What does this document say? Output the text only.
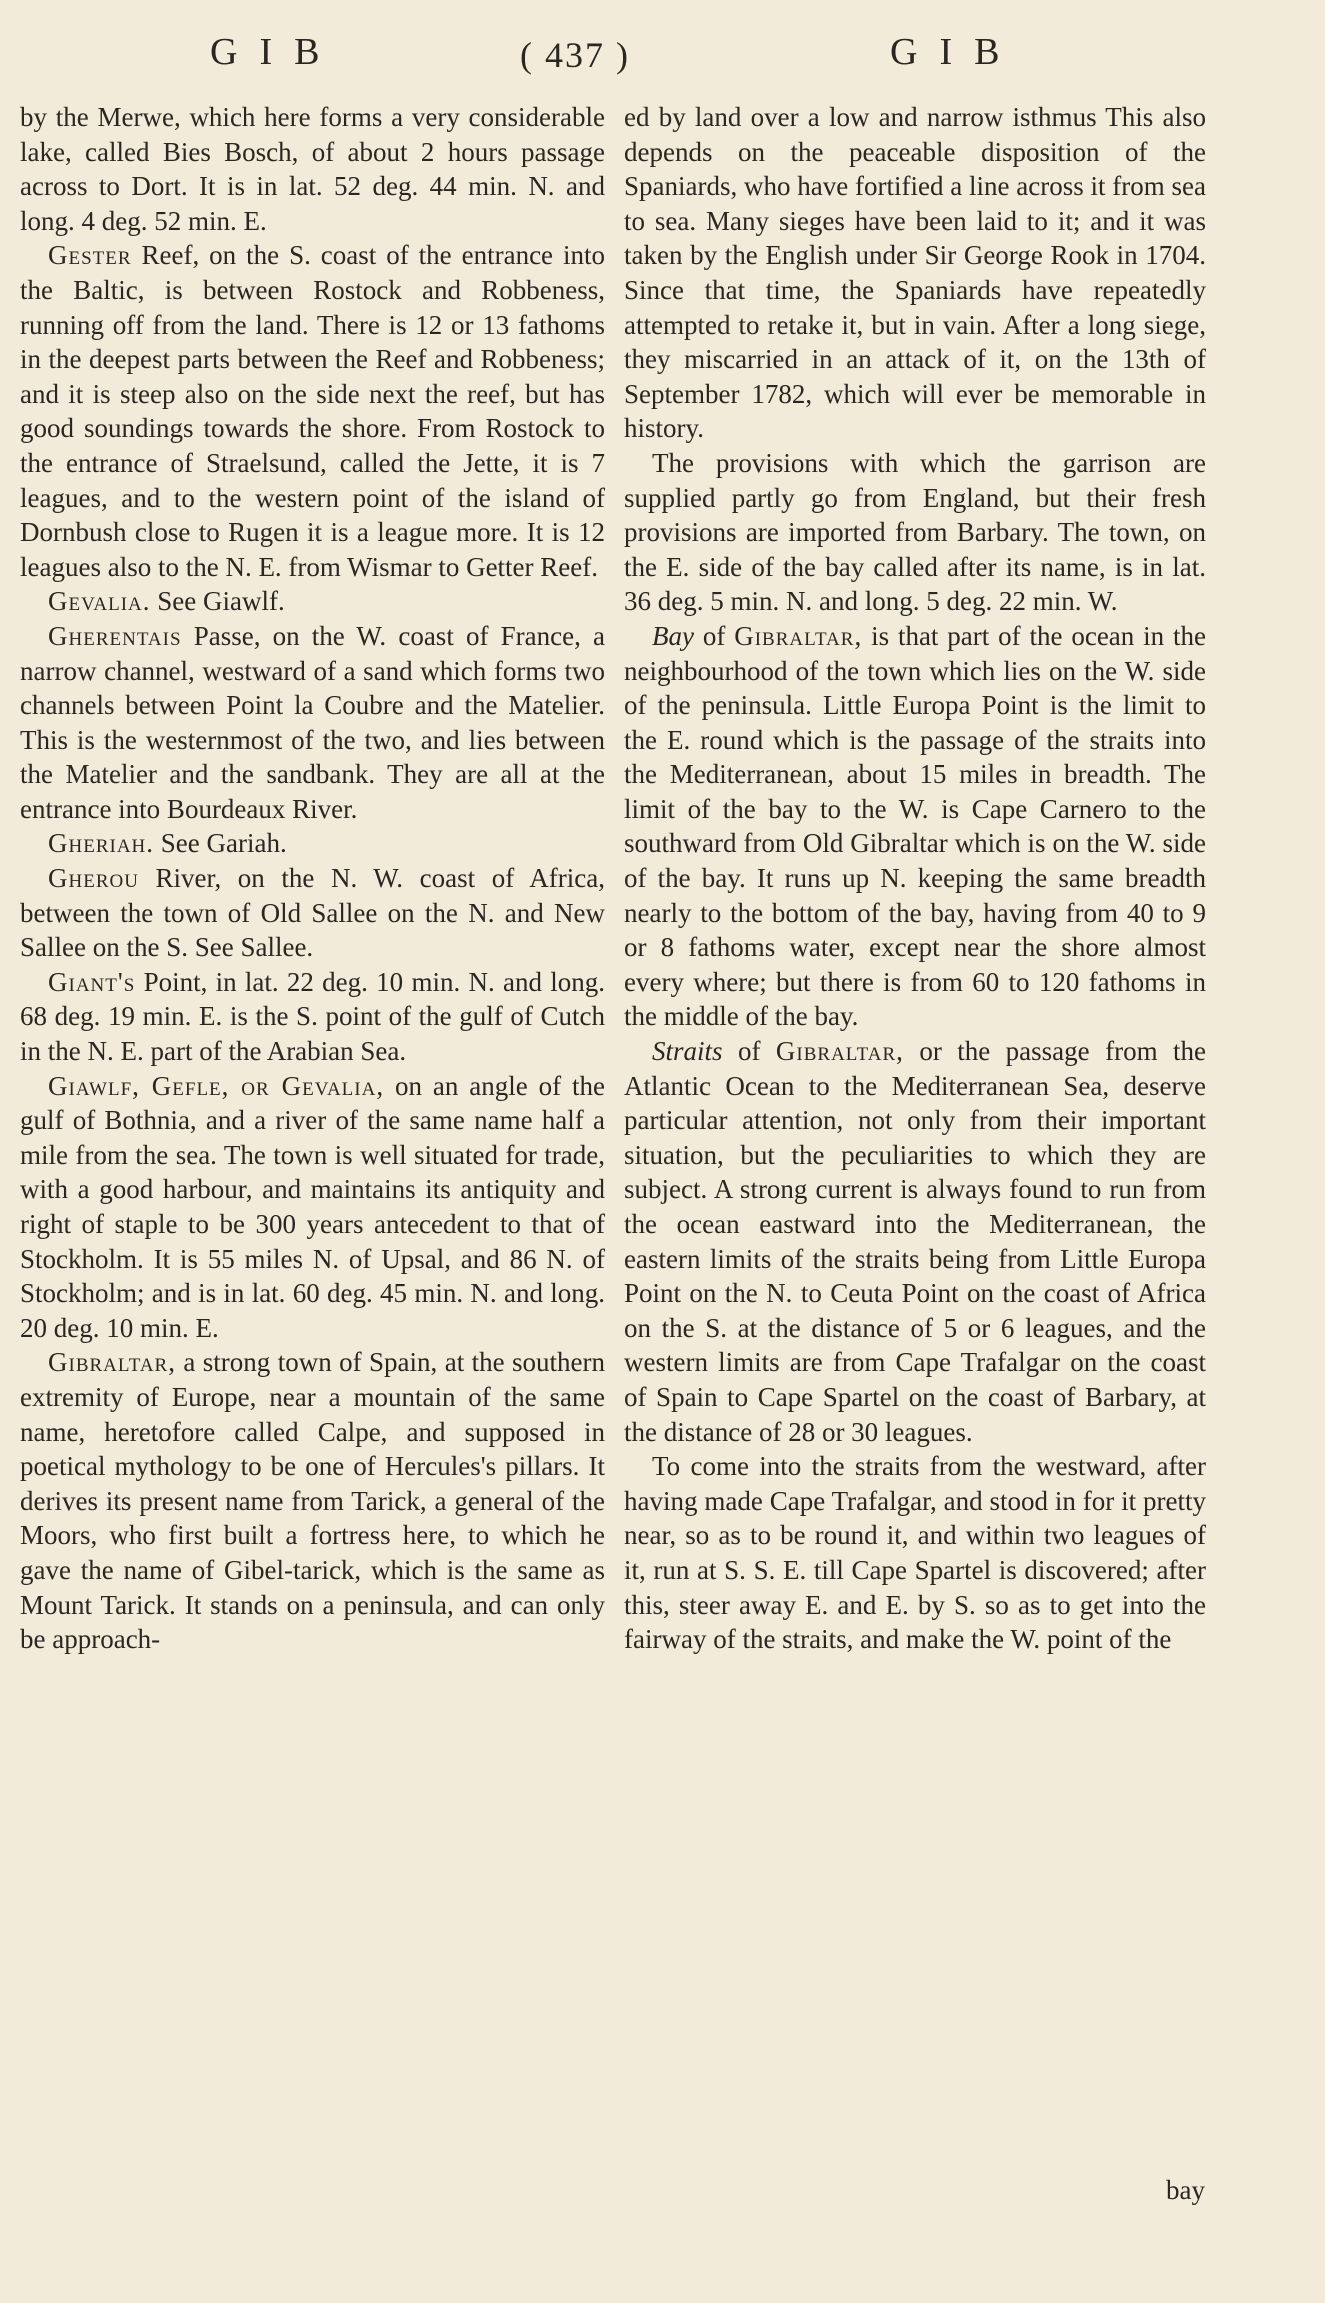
GIB	( 437 )	GIB

by the Merwe, which here forms a very considerable lake, called Bies Bosch, of about 2 hours passage across to Dort. It is in lat. 52 deg. 44 min. N. and long. 4 deg. 52 min. E.

Gester Reef, on the S. coast of the entrance into the Baltic, is between Rostock and Robbeness, running off from the land. There is 12 or 13 fathoms in the deepest parts between the Reef and Robbeness; and it is steep also on the side next the reef, but has good soundings towards the shore. From Rostock to the entrance of Straelsund, called the Jette, it is 7 leagues, and to the western point of the island of Dornbush close to Rugen it is a league more. It is 12 leagues also to the N. E. from Wismar to Getter Reef.

Gevalia. See Giawlf.

Gherentais Passe, on the W. coast of France, a narrow channel, westward of a sand which forms two channels between Point la Coubre and the Matelier. This is the westernmost of the two, and lies between the Matelier and the sandbank. They are all at the entrance into Bourdeaux River.

Gheriah. See Gariah.

Gherou River, on the N. W. coast of Africa, between the town of Old Sallee on the N. and New Sallee on the S. See Sallee.

Giant's Point, in lat. 22 deg. 10 min. N. and long. 68 deg. 19 min. E. is the S. point of the gulf of Cutch in the N. E. part of the Arabian Sea.

Giawlf, Gefle, or Gevalia, on an angle of the gulf of Bothnia, and a river of the same name half a mile from the sea. The town is well situated for trade, with a good harbour, and maintains its antiquity and right of staple to be 300 years antecedent to that of Stockholm. It is 55 miles N. of Upsal, and 86 N. of Stockholm; and is in lat. 60 deg. 45 min. N. and long. 20 deg. 10 min. E.

Gibraltar, a strong town of Spain, at the southern extremity of Europe, near a mountain of the same name, heretofore called Calpe, and supposed in poetical mythology to be one of Hercules's pillars. It derives its present name from Tarick, a general of the Moors, who first built a fortress here, to which he gave the name of Gibel-tarick, which is the same as Mount Tarick. It stands on a peninsula, and can only be approach-

ed by land over a low and narrow isthmus This also depends on the peaceable disposition of the Spaniards, who have fortified a line across it from sea to sea. Many sieges have been laid to it; and it was taken by the English under Sir George Rook in 1704. Since that time, the Spaniards have repeatedly attempted to retake it, but in vain. After a long siege, they miscarried in an attack of it, on the 13th of September 1782, which will ever be memorable in history.

The provisions with which the garrison are supplied partly go from England, but their fresh provisions are imported from Barbary. The town, on the E. side of the bay called after its name, is in lat. 36 deg. 5 min. N. and long. 5 deg. 22 min. W.

Bay of Gibraltar, is that part of the ocean in the neighbourhood of the town which lies on the W. side of the peninsula. Little Europa Point is the limit to the E. round which is the passage of the straits into the Mediterranean, about 15 miles in breadth. The limit of the bay to the W. is Cape Carnero to the southward from Old Gibraltar which is on the W. side of the bay. It runs up N. keeping the same breadth nearly to the bottom of the bay, having from 40 to 9 or 8 fathoms water, except near the shore almost every where; but there is from 60 to 120 fathoms in the middle of the bay.

Straits of Gibraltar, or the passage from the Atlantic Ocean to the Mediterranean Sea, deserve particular attention, not only from their important situation, but the peculiarities to which they are subject. A strong current is always found to run from the ocean eastward into the Mediterranean, the eastern limits of the straits being from Little Europa Point on the N. to Ceuta Point on the coast of Africa on the S. at the distance of 5 or 6 leagues, and the western limits are from Cape Trafalgar on the coast of Spain to Cape Spartel on the coast of Barbary, at the distance of 28 or 30 leagues.

To come into the straits from the westward, after having made Cape Trafalgar, and stood in for it pretty near, so as to be round it, and within two leagues of it, run at S. S. E. till Cape Spartel is discovered; after this, steer away E. and E. by S. so as to get into the fairway of the straits, and make the W. point of the

bay
